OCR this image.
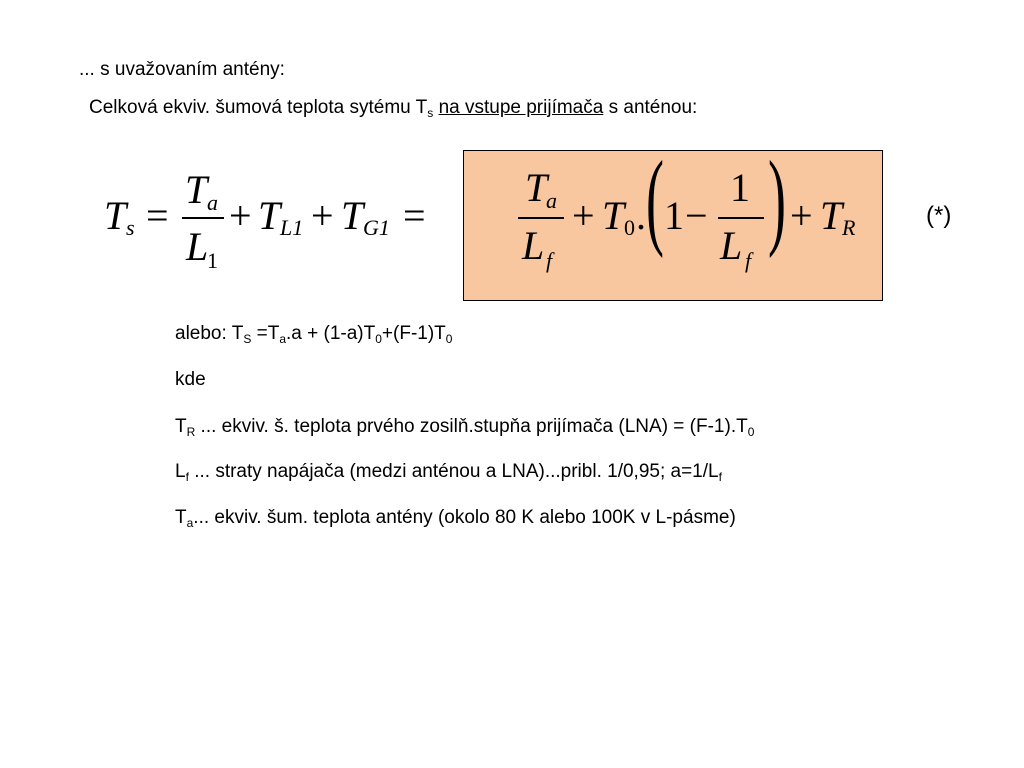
... s uvažovaním antény:
Celková ekviv. šumová teplota sytému $T_s$ na vstupe prijímača s anténou:
T s =
T a
L
1
+ T L1 + T G1 =
T
a
L f
+ T 0 . ( 1 −
1
L f
) + T R	(*)
alebo: $T_S =T_a.a + (1-a)T_0+(F-1)T_0$
kde
$T_R$ ... ekviv. š. teplota prvého zosilň.stupňa prijímača $(LNA) = (F-1).T_0$
$L_f$ ... straty napájača (medzi anténou a LNA)...pribl. 1/0,95; $a=1/L_f$
$T_a$... ekviv. šum. teplota antény (okolo 80 K alebo 100K v L-pásme)
